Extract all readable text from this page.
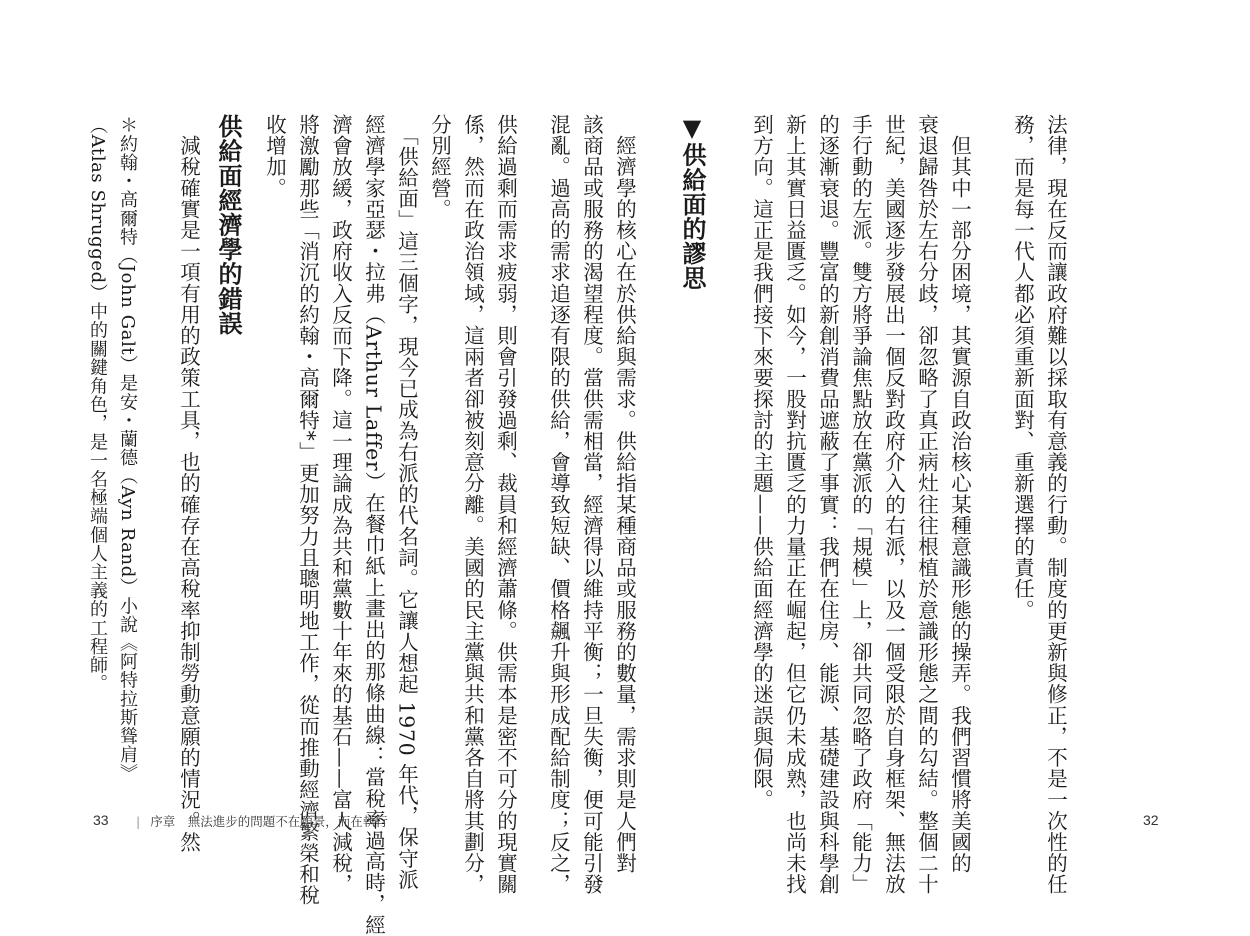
法律，現在反而讓政府難以採取有意義的行動。制度的更新與修正，不是一次性的任
務，而是每一代人都必須重新面對、重新選擇的責任。
　但其中一部分困境，其實源自政治核心某種意識形態的操弄。我們習慣將美國的
衰退歸咎於左右分歧，卻忽略了真正病灶往往根植於意識形態之間的勾結。整個二十
世紀，美國逐步發展出一個反對政府介入的右派，以及一個受限於自身框架、無法放
手行動的左派。雙方將爭論焦點放在黨派的「規模」上，卻共同忽略了政府「能力」
的逐漸衰退。豐富的新創消費品遮蔽了事實：我們在住房、能源、基礎建設與科學創
新上其實日益匱乏。如今，一股對抗匱乏的力量正在崛起，但它仍未成熟，也尚未找
到方向。這正是我們接下來要探討的主題——供給面經濟學的迷誤與侷限。
▼供給面的謬思
　經濟學的核心在於供給與需求。供給指某種商品或服務的數量，需求則是人們對
該商品或服務的渴望程度。當供需相當，經濟得以維持平衡；一旦失衡，便可能引發
混亂。過高的需求追逐有限的供給，會導致短缺、價格飆升與形成配給制度；反之，
供給過剩而需求疲弱，則會引發過剩、裁員和經濟蕭條。供需本是密不可分的現實關
係，然而在政治領域，這兩者卻被刻意分離。美國的民主黨與共和黨各自將其劃分，
分別經營。
　「供給面」這三個字，現今已成為右派的代名詞。它讓人想起 1970 年代，保守派
經濟學家亞瑟・拉弗（Arthur Laffer）在餐巾紙上畫出的那條曲線：當稅率過高時，經
濟會放緩，政府收入反而下降。這一理論成為共和黨數十年來的基石——富人減稅，
將激勵那些「消沉的約翰・高爾特*」更加努力且聰明地工作，從而推動經濟繁榮和稅
收增加。
供給面經濟學的錯誤
　減稅確實是一項有用的政策工具，也的確存在高稅率抑制勞動意願的情況。然
＊約翰・高爾特（John Galt）是安・蘭德（Ayn Rand）小說《阿特拉斯聳肩》
（Atlas Shrugged）中的關鍵角色，是一名極端個人主義的工程師。
33 | 序章　無法進步的問題不在願景，而在執行	32
